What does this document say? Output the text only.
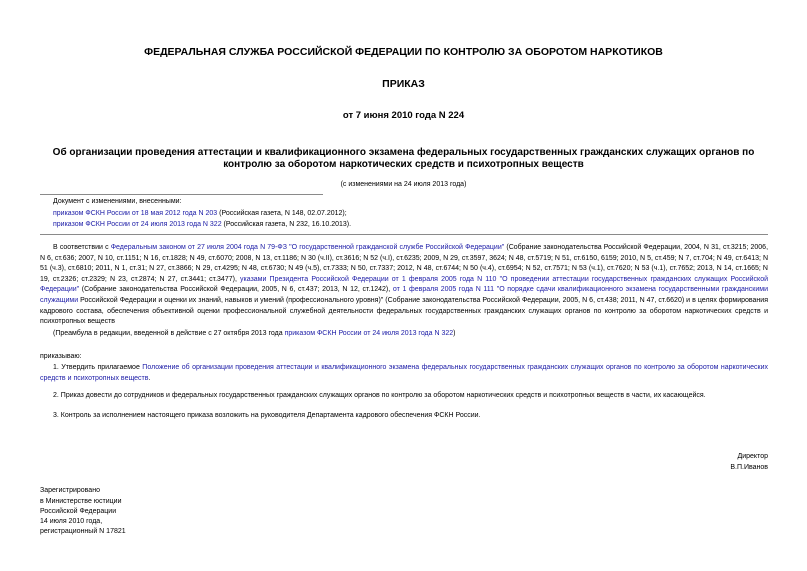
ФЕДЕРАЛЬНАЯ СЛУЖБА РОССИЙСКОЙ ФЕДЕРАЦИИ ПО КОНТРОЛЮ ЗА ОБОРОТОМ НАРКОТИКОВ
ПРИКАЗ
от 7 июня 2010 года N 224
Об организации проведения аттестации и квалификационного экзамена федеральных государственных гражданских служащих органов по контролю за оборотом наркотических средств и психотропных веществ
(с изменениями на 24 июля 2013 года)
Документ с изменениями, внесенными:
приказом ФСКН России от 18 мая 2012 года N 203 (Российская газета, N 148, 02.07.2012);
приказом ФСКН России от 24 июля 2013 года N 322 (Российская газета, N 232, 16.10.2013).
В соответствии с Федеральным законом от 27 июля 2004 года N 79-ФЗ "О государственной гражданской службе Российской Федерации" (Собрание законодательства Российской Федерации, 2004, N 31, ст.3215; 2006, N 6, ст.636; 2007, N 10, ст.1151; N 16, ст.1828; N 49, ст.6070; 2008, N 13, ст.1186; N 30 (ч.II), ст.3616; N 52 (ч.I), ст.6235; 2009, N 29, ст.3597, 3624; N 48, ст.5719; N 51, ст.6150, 6159; 2010, N 5, ст.459; N 7, ст.704; N 49, ст.6413; N 51 (ч.3), ст.6810; 2011, N 1, ст.31; N 27, ст.3866; N 29, ст.4295; N 48, ст.6730; N 49 (ч.5), ст.7333; N 50, ст.7337; 2012, N 48, ст.6744; N 50 (ч.4), ст.6954; N 52, ст.7571; N 53 (ч.1), ст.7620; N 53 (ч.1), ст.7652; 2013, N 14, ст.1665; N 19, ст.2326; ст.2329; N 23, ст.2874; N 27, ст.3441; ст.3477), указами Президента Российской Федерации от 1 февраля 2005 года N 110 "О проведении аттестации государственных гражданских служащих Российской Федерации" (Собрание законодательства Российской Федерации, 2005, N 6, ст.437; 2013, N 12, ст.1242), от 1 февраля 2005 года N 111 "О порядке сдачи квалификационного экзамена государственными гражданскими служащими Российской Федерации и оценки их знаний, навыков и умений (профессионального уровня)" (Собрание законодательства Российской Федерации, 2005, N 6, ст.438; 2011, N 47, ст.6620) и в целях формирования кадрового состава, обеспечения объективной оценки профессиональной служебной деятельности федеральных государственных гражданских служащих органов по контролю за оборотом наркотических средств и психотропных веществ
(Преамбула в редакции, введенной в действие с 27 октября 2013 года приказом ФСКН России от 24 июля 2013 года N 322)
приказываю:
1. Утвердить прилагаемое Положение об организации проведения аттестации и квалификационного экзамена федеральных государственных гражданских служащих органов по контролю за оборотом наркотических средств и психотропных веществ.
2. Приказ довести до сотрудников и федеральных государственных гражданских служащих органов по контролю за оборотом наркотических средств и психотропных веществ в части, их касающейся.
3. Контроль за исполнением настоящего приказа возложить на руководителя Департамента кадрового обеспечения ФСКН России.
Директор
В.П.Иванов
Зарегистрировано
в Министерстве юстиции
Российской Федерации
14 июля 2010 года,
регистрационный N 17821
